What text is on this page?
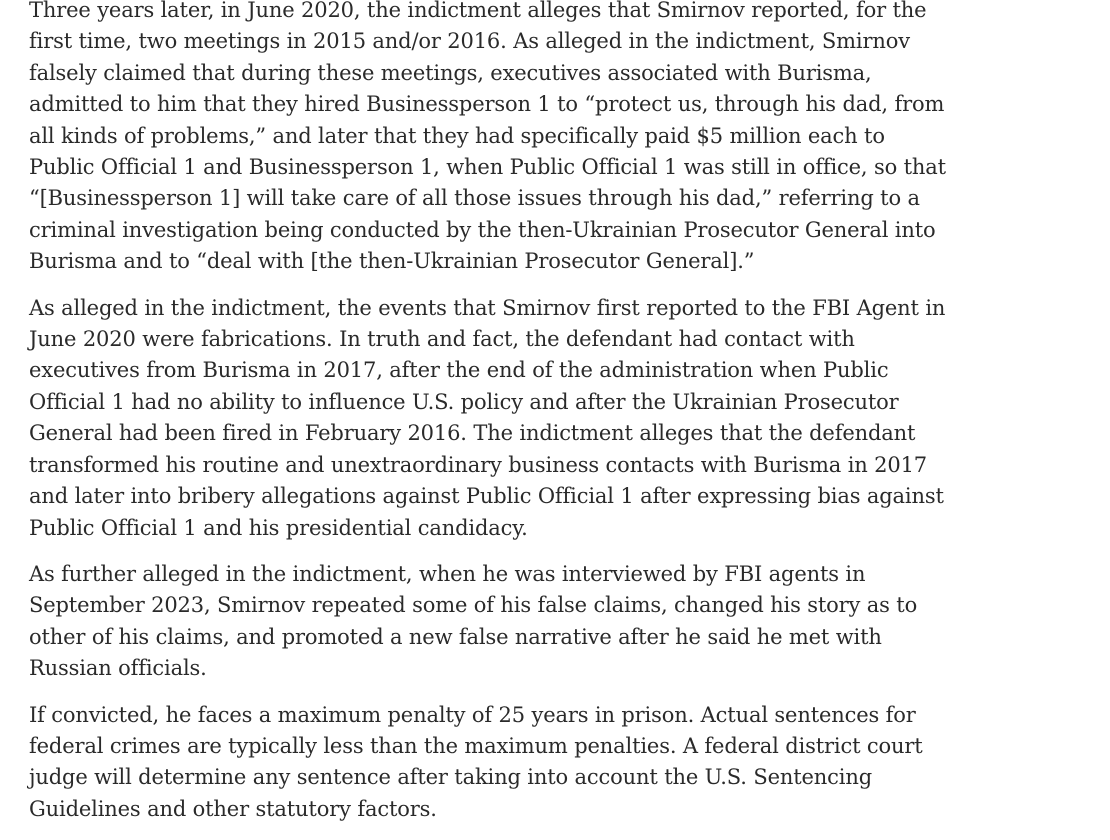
Three years later, in June 2020, the indictment alleges that Smirnov reported, for the
first time, two meetings in 2015 and/or 2016. As alleged in the indictment, Smirnov
falsely claimed that during these meetings, executives associated with Burisma,
admitted to him that they hired Businessperson 1 to “protect us, through his dad, from
all kinds of problems,” and later that they had specifically paid $5 million each to
Public Official 1 and Businessperson 1, when Public Official 1 was still in office, so that
“[Businessperson 1] will take care of all those issues through his dad,” referring to a
criminal investigation being conducted by the then-Ukrainian Prosecutor General into
Burisma and to “deal with [the then-Ukrainian Prosecutor General].”

As alleged in the indictment, the events that Smirnov first reported to the FBI Agent in
June 2020 were fabrications. In truth and fact, the defendant had contact with
executives from Burisma in 2017, after the end of the administration when Public
Official 1 had no ability to influence U.S. policy and after the Ukrainian Prosecutor
General had been fired in February 2016. The indictment alleges that the defendant
transformed his routine and unextraordinary business contacts with Burisma in 2017
and later into bribery allegations against Public Official 1 after expressing bias against
Public Official 1 and his presidential candidacy.

As further alleged in the indictment, when he was interviewed by FBI agents in
September 2023, Smirnov repeated some of his false claims, changed his story as to
other of his claims, and promoted a new false narrative after he said he met with
Russian officials.

If convicted, he faces a maximum penalty of 25 years in prison. Actual sentences for
federal crimes are typically less than the maximum penalties. A federal district court
judge will determine any sentence after taking into account the U.S. Sentencing
Guidelines and other statutory factors.
